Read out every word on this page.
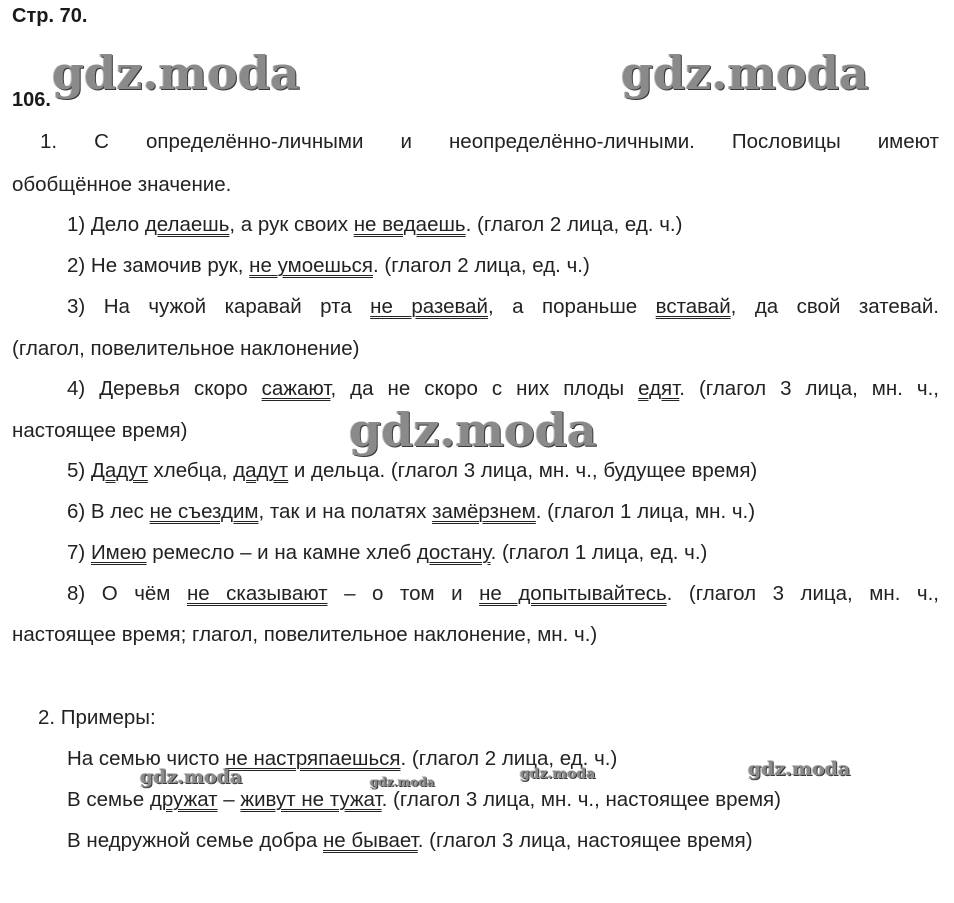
Стр. 70.
106. gdz.moda	gdz.moda
gdz.moda
gdz.moda	gdz.moda	gdz.moda	gdz.moda
1. С определённо-личными и неопределённо-личными. Пословицы имеют
обобщённое значение.
1) Дело делаешь, а рук своих не ведаешь. (глагол 2 лица, ед. ч.)
2) Не замочив рук, не умоешься. (глагол 2 лица, ед. ч.)
3) На чужой каравай рта не разевай, а пораньше вставай, да свой затевай.
(глагол, повелительное наклонение)
4) Деревья скоро сажают, да не скоро с них плоды едят. (глагол 3 лица, мн. ч.,
настоящее время)
5) Дадут хлебца, дадут и дельца. (глагол 3 лица, мн. ч., будущее время)
6) В лес не съездим, так и на полатях замёрзнем. (глагол 1 лица, мн. ч.)
7) Имею ремесло – и на камне хлеб достану. (глагол 1 лица, ед. ч.)
8) О чём не сказывают – о том и не допытывайтесь. (глагол 3 лица, мн. ч.,
настоящее время; глагол, повелительное наклонение, мн. ч.)
2. Примеры:
На семью чисто не настряпаешься. (глагол 2 лица, ед. ч.)
В семье дружат – живут не тужат. (глагол 3 лица, мн. ч., настоящее время)
В недружной семье добра не бывает. (глагол 3 лица, настоящее время)
